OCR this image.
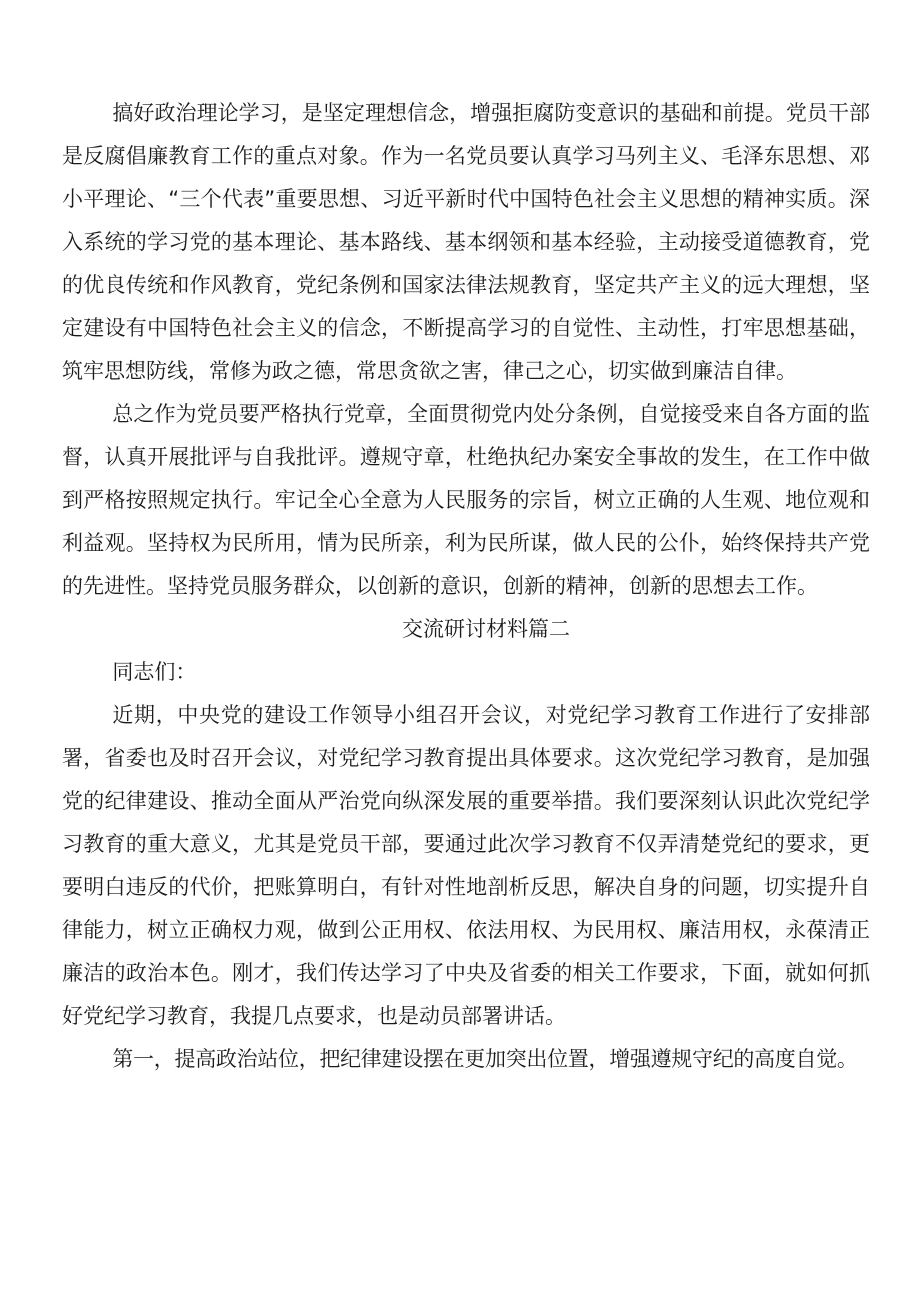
搞好政治理论学习，是坚定理想信念，增强拒腐防变意识的基础和前提。党员干部是反腐倡廉教育工作的重点对象。作为一名党员要认真学习马列主义、毛泽东思想、邓小平理论、“三个代表”重要思想、习近平新时代中国特色社会主义思想的精神实质。深入系统的学习党的基本理论、基本路线、基本纲领和基本经验，主动接受道德教育，党的优良传统和作风教育，党纪条例和国家法律法规教育，坚定共产主义的远大理想，坚定建设有中国特色社会主义的信念，不断提高学习的自觉性、主动性，打牢思想基础，筑牢思想防线，常修为政之德，常思贪欲之害，律己之心，切实做到廉洁自律。

总之作为党员要严格执行党章，全面贯彻党内处分条例，自觉接受来自各方面的监督，认真开展批评与自我批评。遵规守章，杜绝执纪办案安全事故的发生，在工作中做到严格按照规定执行。牢记全心全意为人民服务的宗旨，树立正确的人生观、地位观和利益观。坚持权为民所用，情为民所亲，利为民所谋，做人民的公仆，始终保持共产党的先进性。坚持党员服务群众，以创新的意识，创新的精神，创新的思想去工作。

交流研讨材料篇二

同志们：

近期，中央党的建设工作领导小组召开会议，对党纪学习教育工作进行了安排部署，省委也及时召开会议，对党纪学习教育提出具体要求。这次党纪学习教育，是加强党的纪律建设、推动全面从严治党向纵深发展的重要举措。我们要深刻认识此次党纪学习教育的重大意义，尤其是党员干部，要通过此次学习教育不仅弄清楚党纪的要求，更要明白违反的代价，把账算明白，有针对性地剖析反思，解决自身的问题，切实提升自律能力，树立正确权力观，做到公正用权、依法用权、为民用权、廉洁用权，永葆清正廉洁的政治本色。刚才，我们传达学习了中央及省委的相关工作要求，下面，就如何抓好党纪学习教育，我提几点要求，也是动员部署讲话。

第一，提高政治站位，把纪律建设摆在更加突出位置，增强遵规守纪的高度自觉。
